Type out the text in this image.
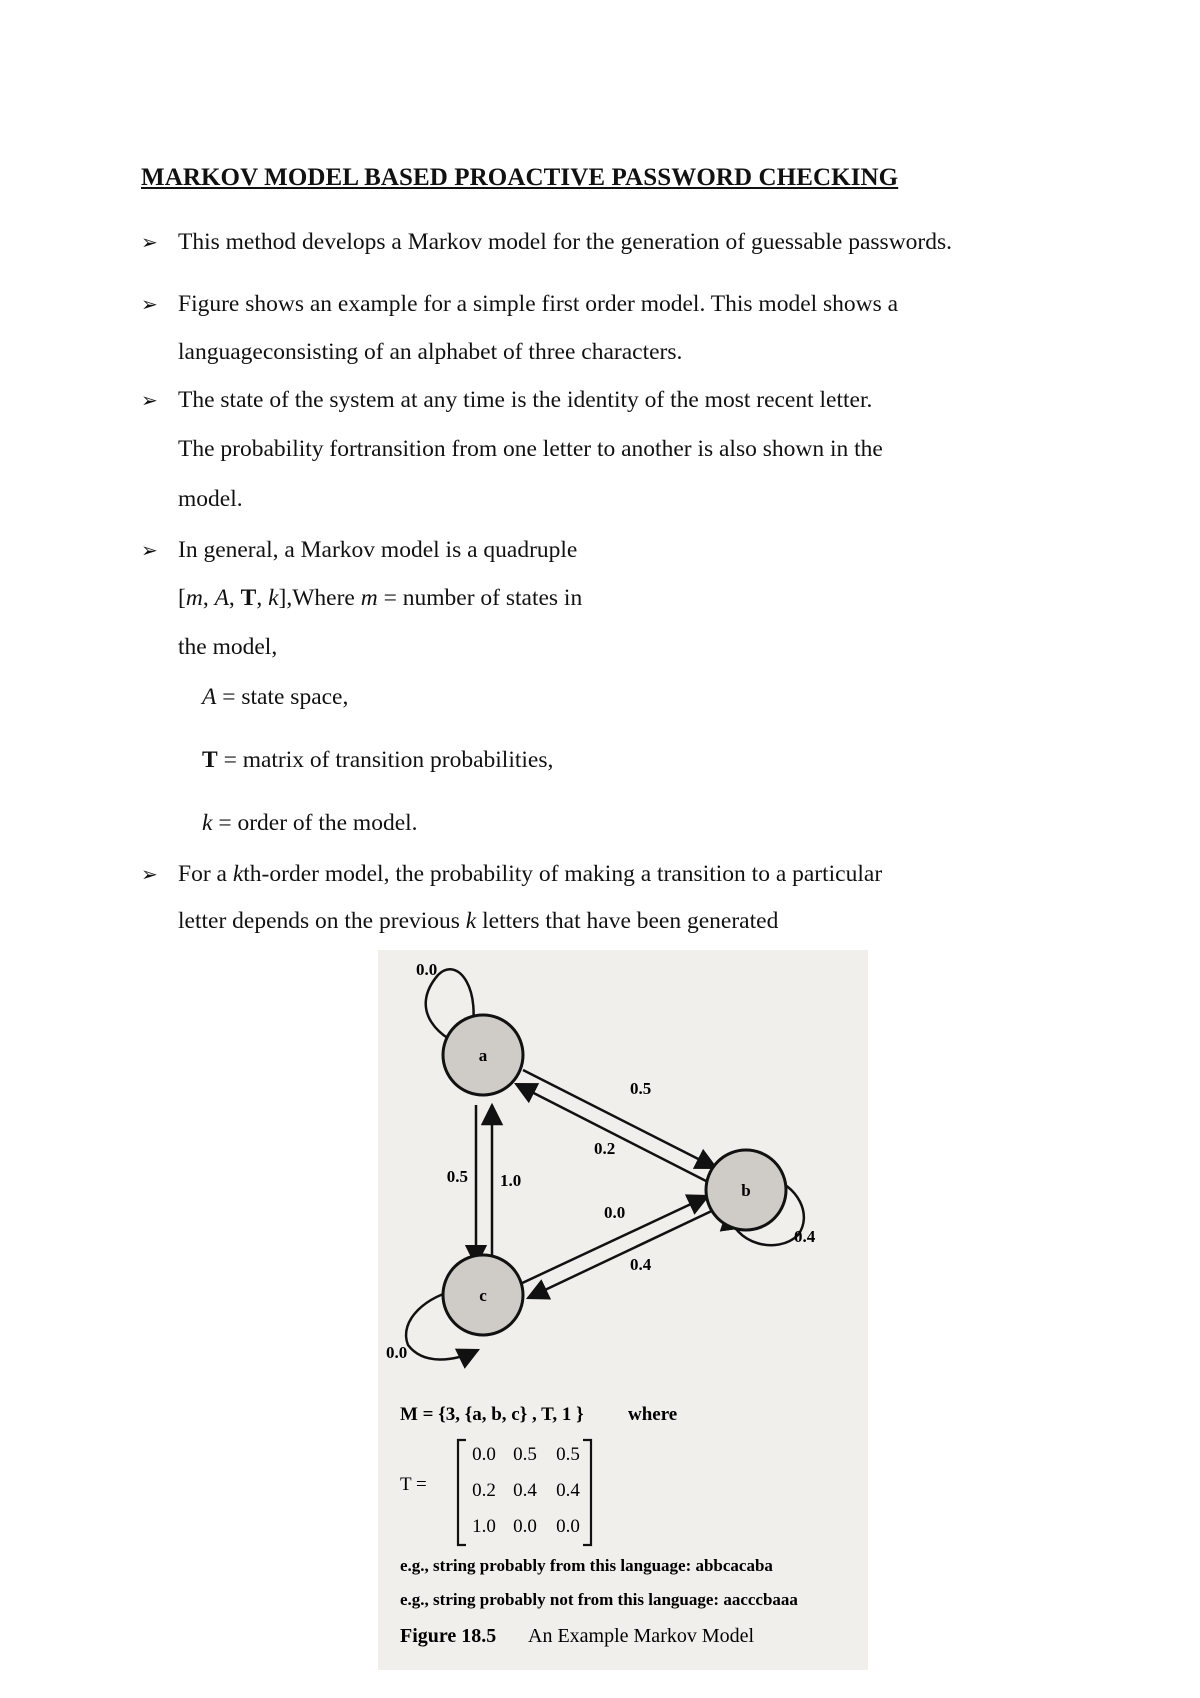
MARKOV MODEL BASED PROACTIVE PASSWORD CHECKING
➢ This method develops a Markov model for the generation of guessable passwords.
➢ Figure shows an example for a simple first order model. This model shows a
languageconsisting of an alphabet of three characters.
➢ The state of the system at any time is the identity of the most recent letter.
The probability fortransition from one letter to another is also shown in the
model.
➢ In general, a Markov model is a quadruple
[m, A, T, k],Where m = number of states in
the model,
A = state space,
T = matrix of transition probabilities,
k = order of the model.
➢ For a kth-order model, the probability of making a transition to a particular
letter depends on the previous k letters that have been generated
a
b
c
0.0
0.5
0.2
0.5 1.0
0.0
0.4
0.4
0.0
M = {3, {a, b, c} , T, 1 } where
T =
0.0 0.5 0.5
0.2 0.4 0.4
1.0 0.0 0.0
e.g., string probably from this language: abbcacaba
e.g., string probably not from this language: aacccbaaa
Figure 18.5 An Example Markov Model
